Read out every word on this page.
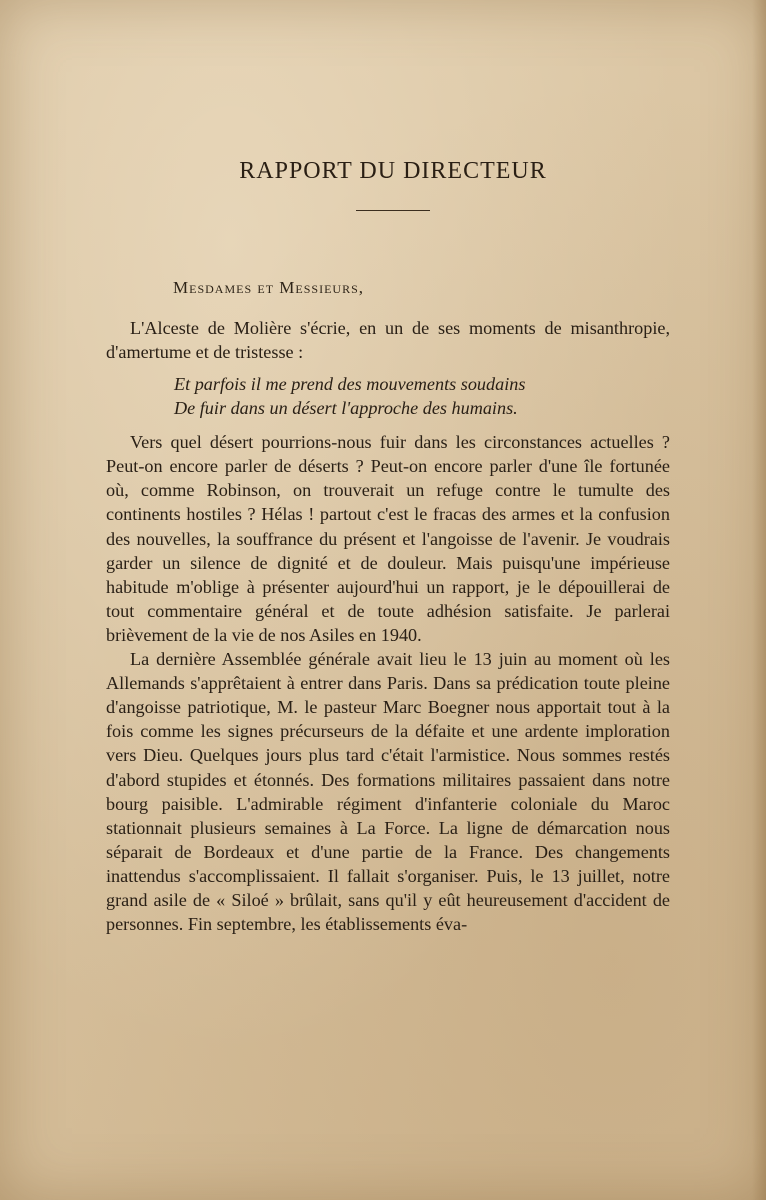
RAPPORT DU DIRECTEUR

Mesdames et Messieurs,

L'Alceste de Molière s'écrie, en un de ses moments de misanthropie, d'amertume et de tristesse :

Et parfois il me prend des mouvements soudains
De fuir dans un désert l'approche des humains.

Vers quel désert pourrions-nous fuir dans les circonstances actuelles ? Peut-on encore parler de déserts ? Peut-on encore parler d'une île fortunée où, comme Robinson, on trouverait un refuge contre le tumulte des continents hostiles ? Hélas ! partout c'est le fracas des armes et la confusion des nouvelles, la souffrance du présent et l'angoisse de l'avenir. Je voudrais garder un silence de dignité et de douleur. Mais puisqu'une impérieuse habitude m'oblige à présenter aujourd'hui un rapport, je le dépouillerai de tout commentaire général et de toute adhésion satisfaite. Je parlerai brièvement de la vie de nos Asiles en 1940.

La dernière Assemblée générale avait lieu le 13 juin au moment où les Allemands s'apprêtaient à entrer dans Paris. Dans sa prédication toute pleine d'angoisse patriotique, M. le pasteur Marc Boegner nous apportait tout à la fois comme les signes précurseurs de la défaite et une ardente imploration vers Dieu. Quelques jours plus tard c'était l'armistice. Nous sommes restés d'abord stupides et étonnés. Des formations militaires passaient dans notre bourg paisible. L'admirable régiment d'infanterie coloniale du Maroc stationnait plusieurs semaines à La Force. La ligne de démarcation nous séparait de Bordeaux et d'une partie de la France. Des changements inattendus s'accomplissaient. Il fallait s'organiser. Puis, le 13 juillet, notre grand asile de « Siloé » brûlait, sans qu'il y eût heureusement d'accident de personnes. Fin septembre, les établissements éva-
